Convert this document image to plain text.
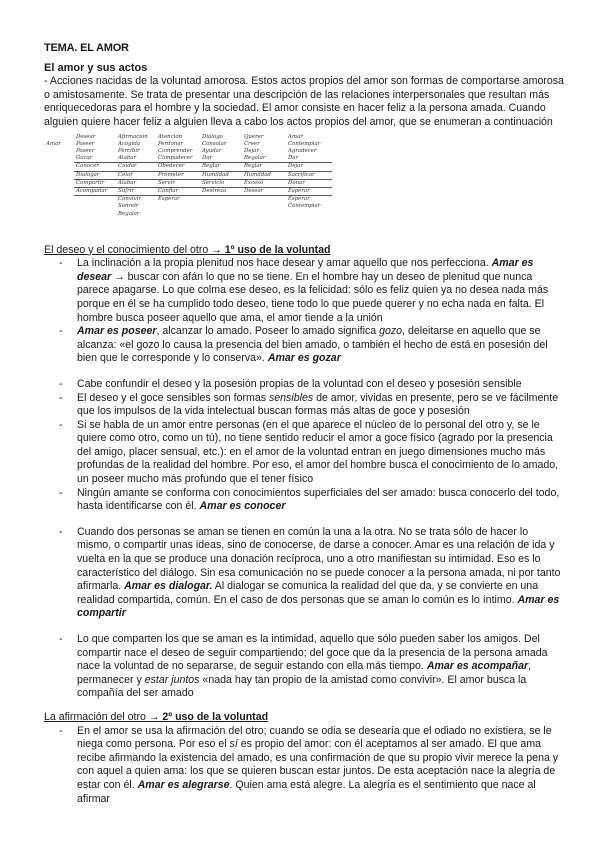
TEMA. EL AMOR

El amor y sus actos

- Acciones nacidas de la voluntad amorosa. Estos actos propios del amor son formas de comportarse amorosa o amistosamente. Se trata de presentar una descripción de las relaciones interpersonales que resultan más enriquecedoras para el hombre y la sociedad. El amor consiste en hacer feliz a la persona amada. Cuando alguien quiere hacer feliz a alguien lleva a cabo los actos propios del amor, que se enumeran a continuación

	Desear	Afirmación	Atención	Diálogo	Querer	Amar
Amar	Poseer	Acogida	Perdonar	Consolar	Creer	Contemplar
	Poseer	Percibir	Comprender	Ayudar	Dejar	Agradecer
	Gozar	Alabar	Compadecer	Dar	Regalar	Dar
	Conocer	Cuidar	Obedecer	Reglar	Reglar	Dejar
	Dialogar	Celar	Prometer	Humildad	Humildad	Sacrificar
	Compartir	Alabar	Servir	Servicio	Exceso	Donar
	Acompañar	Sufrir	Confiar	Destreza	Desear	Esperar
		Convivir	Esperar			Esperar
		Sonreír				Contemplar
		Regalar				

El deseo y el conocimiento del otro → 1º uso de la voluntad

- La inclinación a la propia plenitud nos hace desear y amar aquello que nos perfecciona. Amar es desear → buscar con afán lo que no se tiene. En el hombre hay un deseo de plenitud que nunca parece apagarse. Lo que colma ese deseo, es la felicidad: sólo es feliz quien ya no desea nada más porque en él se ha cumplido todo deseo, tiene todo lo que puede querer y no echa nada en falta. El hombre busca poseer aquello que ama, el amor tiende a la unión
- Amar es poseer, alcanzar lo amado. Poseer lo amado significa gozo, deleitarse en aquello que se alcanza: «el gozo lo causa la presencia del bien amado, o también el hecho de está en posesión del bien que le corresponde y lo conserva». Amar es gozar
- Cabe confundir el deseo y la posesión propias de la voluntad con el deseo y posesión sensible
- El deseo y el goce sensibles son formas sensibles de amor, vividas en presente, pero se ve fácilmente que los impulsos de la vida intelectual buscan formas más altas de goce y posesión
- Si se habla de un amor entre personas (en el que aparece el núcleo de lo personal del otro y, se le quiere como otro, como un tú), no tiene sentido reducir el amor a goce físico (agrado por la presencia del amigo, placer sensual, etc.): en el amor de la voluntad entran en juego dimensiones mucho más profundas de la realidad del hombre. Por eso, el amor del hombre busca el conocimiento de lo amado, un poseer mucho más profundo que el tener físico
- Ningún amante se conforma con conocimientos superficiales del ser amado: busca conocerlo del todo, hasta identificarse con él. Amar es conocer
- Cuando dos personas se aman se tienen en común la una a la otra. No se trata sólo de hacer lo mismo, o compartir unas ideas, sino de conocerse, de darse a conocer. Amar es una relación de ida y vuelta en la que se produce una donación recíproca, uno a otro manifiestan su intimidad. Eso es lo característico del diálogo. Sin esa comunicación no se puede conocer a la persona amada, ni por tanto afirmarla. Amar es dialogar. Al dialogar se comunica la realidad del que da, y se convierte en una realidad compartida, común. En el caso de dos personas que se aman lo común es lo íntimo. Amar es compartir
- Lo que comparten los que se aman es la intimidad, aquello que sólo pueden saber los amigos. Del compartir nace el deseo de seguir compartiendo; del goce que da la presencia de la persona amada nace la voluntad de no separarse, de seguir estando con ella más tiempo. Amar es acompañar, permanecer y estar juntos «nada hay tan propio de la amistad como convivir». El amor busca la compañía del ser amado

La afirmación del otro → 2º uso de la voluntad

- En el amor se usa la afirmación del otro; cuando se odia se desearía que el odiado no existiera, se le niega como persona. Por eso el sí es propio del amor: con él aceptamos al ser amado. El que ama recibe afirmando la existencia del amado, es una confirmación de que su propio vivir merece la pena y con aquel a quien ama: los que se quieren buscan estar juntos. De esta aceptación nace la alegría de estar con él. Amar es alegrarse. Quien ama está alegre. La alegría es el sentimiento que nace al afirmar
